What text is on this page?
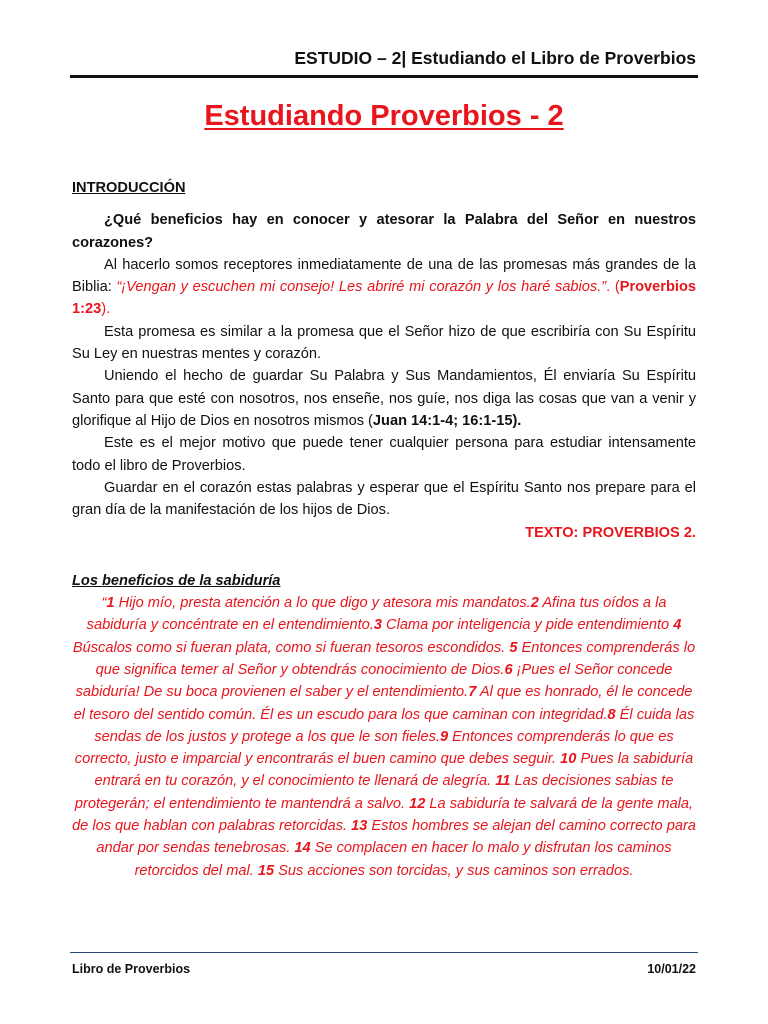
ESTUDIO – 2| Estudiando el Libro de Proverbios
Estudiando Proverbios - 2

INTRODUCCIÓN

¿Qué beneficios hay en conocer y atesorar la Palabra del Señor en nuestros corazones?

Al hacerlo somos receptores inmediatamente de una de las promesas más grandes de la Biblia: “¡Vengan y escuchen mi consejo! Les abriré mi corazón y los haré sabios.”. (Proverbios 1:23).

Esta promesa es similar a la promesa que el Señor hizo de que escribiría con Su Espíritu Su Ley en nuestras mentes y corazón.

Uniendo el hecho de guardar Su Palabra y Sus Mandamientos, Él enviaría Su Espíritu Santo para que esté con nosotros, nos enseñe, nos guíe, nos diga las cosas que van a venir y glorifique al Hijo de Dios en nosotros mismos (Juan 14:1-4; 16:1-15).

Este es el mejor motivo que puede tener cualquier persona para estudiar intensamente todo el libro de Proverbios.

Guardar en el corazón estas palabras y esperar que el Espíritu Santo nos prepare para el gran día de la manifestación de los hijos de Dios.

TEXTO: PROVERBIOS 2.

Los beneficios de la sabiduría

“1 Hijo mío, presta atención a lo que digo y atesora mis mandatos.2 Afina tus oídos a la sabiduría y concéntrate en el entendimiento.3 Clama por inteligencia y pide entendimiento 4 Búscalos como si fueran plata, como si fueran tesoros escondidos. 5 Entonces comprenderás lo que significa temer al Señor y obtendrás conocimiento de Dios.6 ¡Pues el Señor concede sabiduría! De su boca provienen el saber y el entendimiento.7 Al que es honrado, él le concede el tesoro del sentido común. Él es un escudo para los que caminan con integridad.8 Él cuida las sendas de los justos y protege a los que le son fieles.9 Entonces comprenderás lo que es correcto, justo e imparcial y encontrarás el buen camino que debes seguir. 10 Pues la sabiduría entrará en tu corazón, y el conocimiento te llenará de alegría. 11 Las decisiones sabias te protegerán; el entendimiento te mantendrá a salvo. 12 La sabiduría te salvará de la gente mala, de los que hablan con palabras retorcidas. 13 Estos hombres se alejan del camino correcto para andar por sendas tenebrosas. 14 Se complacen en hacer lo malo y disfrutan los caminos retorcidos del mal. 15 Sus acciones son torcidas, y sus caminos son errados.

Libro de Proverbios	10/01/22
